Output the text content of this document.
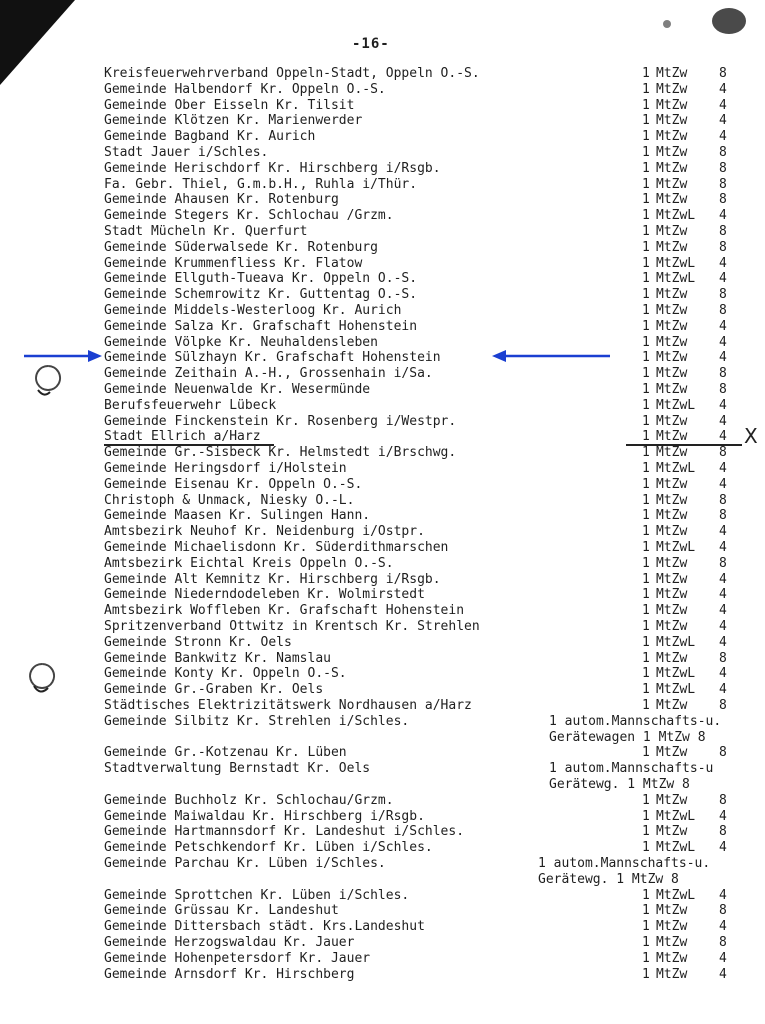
-16-
Kreisfeuerwehrverband Oppeln-Stadt, Oppeln O.-S.	1 MtZw 8
Gemeinde Halbendorf Kr. Oppeln O.-S.	1 MtZw 4
Gemeinde Ober Eisseln Kr. Tilsit	1 MtZw 4
Gemeinde Klötzen Kr. Marienwerder	1 MtZw 4
Gemeinde Bagband Kr. Aurich	1 MtZw 4
Stadt Jauer i/Schles.	1 MtZw 8
Gemeinde Herischdorf Kr. Hirschberg i/Rsgb.	1 MtZw 8
Fa. Gebr. Thiel, G.m.b.H., Ruhla i/Thür.	1 MtZw 8
Gemeinde Ahausen Kr. Rotenburg	1 MtZw 8
Gemeinde Stegers Kr. Schlochau /Grzm.	1 MtZwL 4
Stadt Mücheln Kr. Querfurt	1 MtZw 8
Gemeinde Süderwalsede Kr. Rotenburg	1 MtZw 8
Gemeinde Krummenfliess Kr. Flatow	1 MtZwL 4
Gemeinde Ellguth-Tueava Kr. Oppeln O.-S.	1 MtZwL 4
Gemeinde Schemrowitz Kr. Guttentag O.-S.	1 MtZw 8
Gemeinde Middels-Westerloog Kr. Aurich	1 MtZw 8
Gemeinde Salza Kr. Grafschaft Hohenstein	1 MtZw 4
Gemeinde Völpke Kr. Neuhaldensleben	1 MtZw 4
Gemeinde Sülzhayn Kr. Grafschaft Hohenstein	1 MtZw 4
Gemeinde Zeithain A.-H., Grossenhain i/Sa.	1 MtZw 8
Gemeinde Neuenwalde Kr. Wesermünde	1 MtZw 8
Berufsfeuerwehr Lübeck	1 MtZwL 4
Gemeinde Finckenstein Kr. Rosenberg i/Westpr.	1 MtZw 4
Stadt Ellrich a/Harz	1 MtZw 4
Gemeinde Gr.-Sisbeck Kr. Helmstedt i/Brschwg.	1 MtZw 8
Gemeinde Heringsdorf i/Holstein	1 MtZwL 4
Gemeinde Eisenau Kr. Oppeln O.-S.	1 MtZw 4
Christoph & Unmack, Niesky O.-L.	1 MtZw 8
Gemeinde Maasen Kr. Sulingen Hann.	1 MtZw 8
Amtsbezirk Neuhof Kr. Neidenburg i/Ostpr.	1 MtZw 4
Gemeinde Michaelisdonn Kr. Süderdithmarschen	1 MtZwL 4
Amtsbezirk Eichtal Kreis Oppeln O.-S.	1 MtZw 8
Gemeinde Alt Kemnitz Kr. Hirschberg i/Rsgb.	1 MtZw 4
Gemeinde Niederndodeleben Kr. Wolmirstedt	1 MtZw 4
Amtsbezirk Woffleben Kr. Grafschaft Hohenstein	1 MtZw 4
Spritzenverband Ottwitz in Krentsch Kr. Strehlen	1 MtZw 4
Gemeinde Stronn Kr. Oels	1 MtZwL 4
Gemeinde Bankwitz Kr. Namslau	1 MtZw 8
Gemeinde Konty Kr. Oppeln O.-S.	1 MtZwL 4
Gemeinde Gr.-Graben Kr. Oels	1 MtZwL 4
Städtisches Elektrizitätswerk Nordhausen a/Harz	1 MtZw 8
Gemeinde Silbitz Kr. Strehlen i/Schles.	1 autom.Mannschafts-u.
Gerätewagen 1 MtZw 8
Gemeinde Gr.-Kotzenau Kr. Lüben	1 MtZw 8
Stadtverwaltung Bernstadt Kr. Oels	1 autom.Mannschafts-u
Gerätewg. 1 MtZw 8
Gemeinde Buchholz Kr. Schlochau/Grzm.	1 MtZw 8
Gemeinde Maiwaldau Kr. Hirschberg i/Rsgb.	1 MtZwL 4
Gemeinde Hartmannsdorf Kr. Landeshut i/Schles.	1 MtZw 8
Gemeinde Petschkendorf Kr. Lüben i/Schles.	1 MtZwL 4
Gemeinde Parchau Kr. Lüben i/Schles.	1 autom.Mannschafts-u.
Gerätewg. 1 MtZw 8
Gemeinde Sprottchen Kr. Lüben i/Schles.	1 MtZwL 4
Gemeinde Grüssau Kr. Landeshut	1 MtZw 8
Gemeinde Dittersbach städt. Krs.Landeshut	1 MtZw 4
Gemeinde Herzogswaldau Kr. Jauer	1 MtZw 8
Gemeinde Hohenpetersdorf Kr. Jauer	1 MtZw 4
Gemeinde Arnsdorf Kr. Hirschberg	1 MtZw 4
X
